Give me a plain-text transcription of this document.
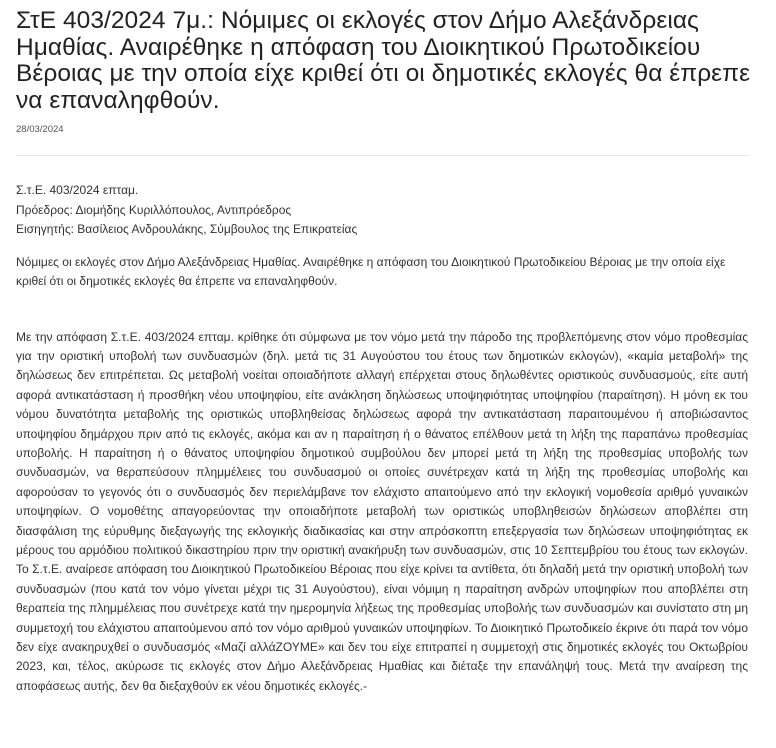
ΣτΕ 403/2024 7μ.: Νόμιμες οι εκλογές στον Δήμο Αλεξάνδρειας Ημαθίας. Αναιρέθηκε η απόφαση του Διοικητικού Πρωτοδικείου Βέροιας με την οποία είχε κριθεί ότι οι δημοτικές εκλογές θα έπρεπε να επαναληφθούν.
28/03/2024
Σ.τ.Ε. 403/2024 επταμ.
Πρόεδρος: Διομήδης Κυριλλόπουλος, Αντιπρόεδρος
Εισηγητής: Βασίλειος Ανδρουλάκης, Σύμβουλος της Επικρατείας
Νόμιμες οι εκλογές στον Δήμο Αλεξάνδρειας Ημαθίας. Αναιρέθηκε η απόφαση του Διοικητικού Πρωτοδικείου Βέροιας με την οποία είχε κριθεί ότι οι δημοτικές εκλογές θα έπρεπε να επαναληφθούν.
Με την απόφαση Σ.τ.Ε. 403/2024 επταμ. κρίθηκε ότι σύμφωνα με τον νόμο μετά την πάροδο της προβλεπόμενης στον νόμο προθεσμίας για την οριστική υποβολή των συνδυασμών (δηλ. μετά τις 31 Αυγούστου του έτους των δημοτικών εκλογών), «καμία μεταβολή» της δηλώσεως δεν επιτρέπεται. Ως μεταβολή νοείται οποιαδήποτε αλλαγή επέρχεται στους δηλωθέντες οριστικούς συνδυασμούς, είτε αυτή αφορά αντικατάσταση ή προσθήκη νέου υποψηφίου, είτε ανάκληση δηλώσεως υποψηφιότητας υποψηφίου (παραίτηση). Η μόνη εκ του νόμου δυνατότητα μεταβολής της οριστικώς υποβληθείσας δηλώσεως αφορά την αντικατάσταση παραιτουμένου ή αποβιώσαντος υποψηφίου δημάρχου πριν από τις εκλογές, ακόμα και αν η παραίτηση ή ο θάνατος επέλθουν μετά τη λήξη της παραπάνω προθεσμίας υποβολής. Η παραίτηση ή ο θάνατος υποψηφίου δημοτικού συμβούλου δεν μπορεί μετά τη λήξη της προθεσμίας υποβολής των συνδυασμών, να θεραπεύσουν πλημμέλειες του συνδυασμού οι οποίες συνέτρεχαν κατά τη λήξη της προθεσμίας υποβολής και αφορούσαν το γεγονός ότι ο συνδυασμός δεν περιελάμβανε τον ελάχιστο απαιτούμενο από την εκλογική νομοθεσία αριθμό γυναικών υποψηφίων. Ο νομοθέτης απαγορεύοντας την οποιαδήποτε μεταβολή των οριστικώς υποβληθεισών δηλώσεων αποβλέπει στη διασφάλιση της εύρυθμης διεξαγωγής της εκλογικής διαδικασίας και στην απρόσκοπτη επεξεργασία των δηλώσεων υποψηφιότητας εκ μέρους του αρμόδιου πολιτικού δικαστηρίου πριν την οριστική ανακήρυξη των συνδυασμών, στις 10 Σεπτεμβρίου του έτους των εκλογών. Το Σ.τ.Ε. αναίρεσε απόφαση του Διοικητικού Πρωτοδικείου Βέροιας που είχε κρίνει τα αντίθετα, ότι δηλαδή μετά την οριστική υποβολή των συνδυασμών (που κατά τον νόμο γίνεται μέχρι τις 31 Αυγούστου), είναι νόμιμη η παραίτηση ανδρών υποψηφίων που αποβλέπει στη θεραπεία της πλημμέλειας που συνέτρεχε κατά την ημερομηνία λήξεως της προθεσμίας υποβολής των συνδυασμών και συνίστατο στη μη συμμετοχή του ελάχιστου απαιτούμενου από τον νόμο αριθμού γυναικών υποψηφίων. Το Διοικητικό Πρωτοδικείο έκρινε ότι παρά τον νόμο δεν είχε ανακηρυχθεί ο συνδυασμός «Μαζί αλλάΖΟΥΜΕ» και δεν του είχε επιτραπεί η συμμετοχή στις δημοτικές εκλογές του Οκτωβρίου 2023, και, τέλος, ακύρωσε τις εκλογές στον Δήμο Αλεξάνδρειας Ημαθίας και διέταξε την επανάληψή τους. Μετά την αναίρεση της αποφάσεως αυτής, δεν θα διεξαχθούν εκ νέου δημοτικές εκλογές.-
